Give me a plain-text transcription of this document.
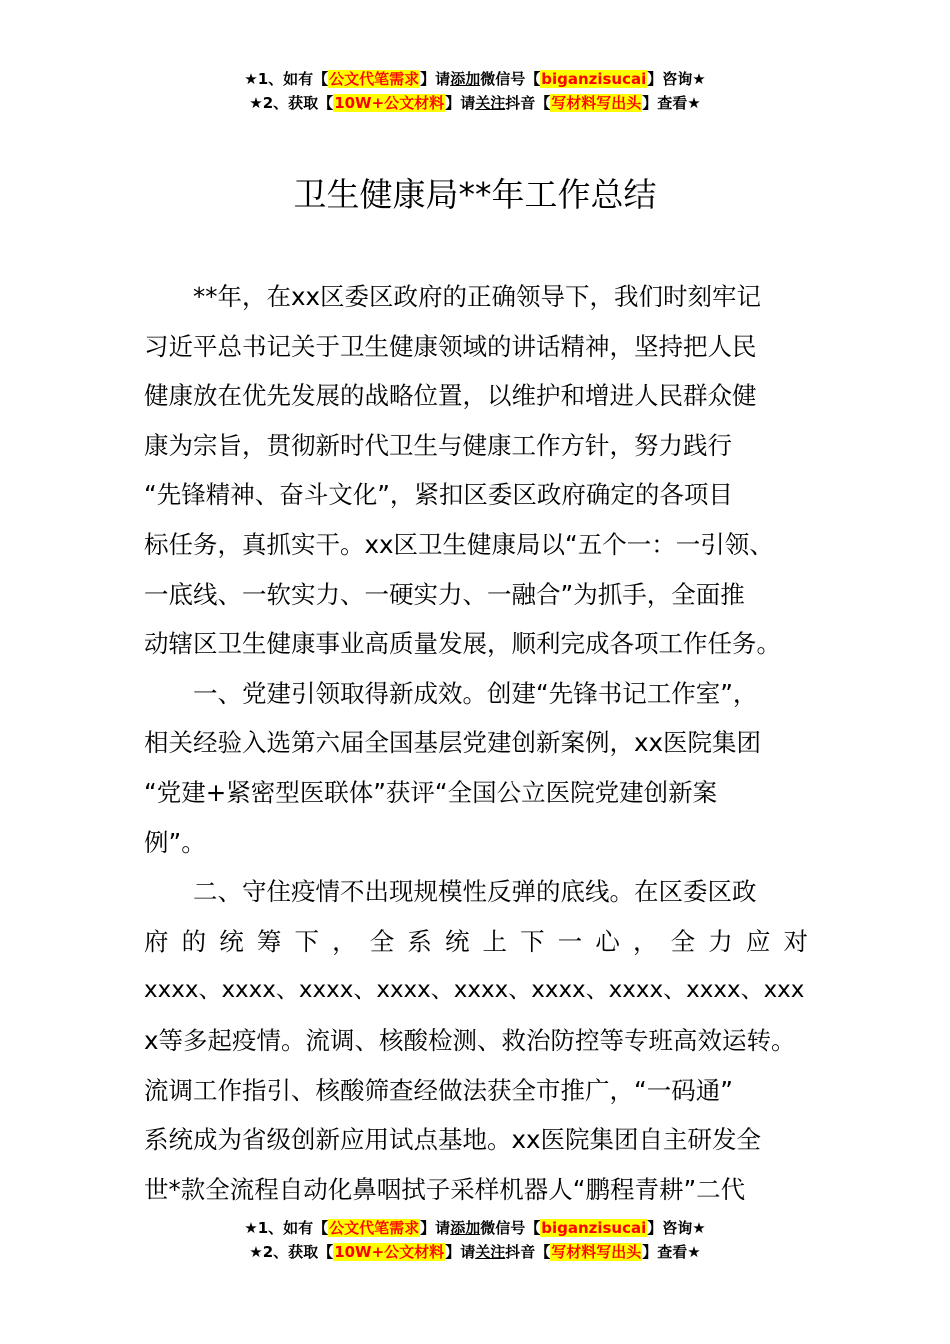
★1、如有【公文代笔需求】请添加微信号【biganzisucai】咨询★
★2、获取【10W+公文材料】请关注抖音【写材料写出头】查看★
卫生健康局**年工作总结
**年，在xx区委区政府的正确领导下，我们时刻牢记
习近平总书记关于卫生健康领域的讲话精神，坚持把人民
健康放在优先发展的战略位置，以维护和增进人民群众健
康为宗旨，贯彻新时代卫生与健康工作方针，努力践行
“先锋精神、奋斗文化”，紧扣区委区政府确定的各项目
标任务，真抓实干。xx区卫生健康局以“五个一：一引领、
一底线、一软实力、一硬实力、一融合”为抓手，全面推
动辖区卫生健康事业高质量发展，顺利完成各项工作任务。
一、党建引领取得新成效。创建“先锋书记工作室”，
相关经验入选第六届全国基层党建创新案例，xx医院集团
“党建+紧密型医联体”获评“全国公立医院党建创新案
例”。
二、守住疫情不出现规模性反弹的底线。在区委区政
府的统筹下，全系统上下一心，全力应对
xxxx、xxxx、xxxx、xxxx、xxxx、xxxx、xxxx、xxxx、xxx
x等多起疫情。流调、核酸检测、救治防控等专班高效运转。
流调工作指引、核酸筛查经做法获全市推广，“一码通”
系统成为省级创新应用试点基地。xx医院集团自主研发全
世*款全流程自动化鼻咽拭子采样机器人“鹏程青耕”二代
★1、如有【公文代笔需求】请添加微信号【biganzisucai】咨询★
★2、获取【10W+公文材料】请关注抖音【写材料写出头】查看★
